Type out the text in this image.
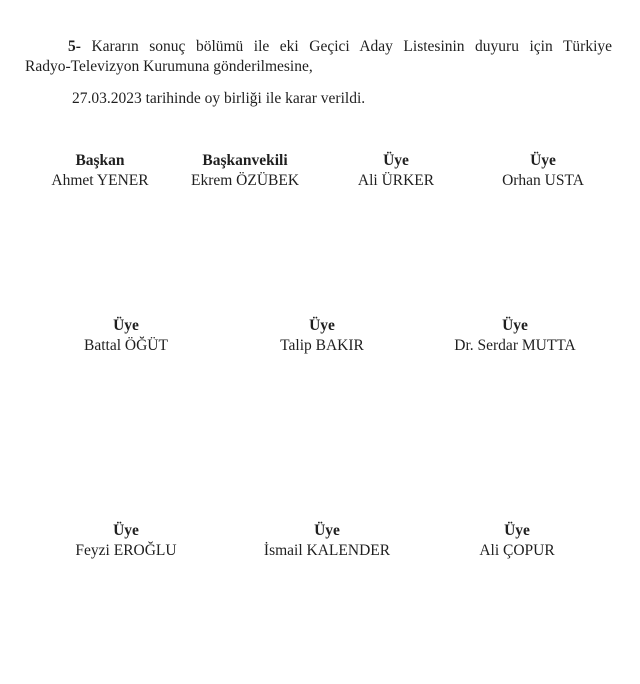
5- Kararın sonuç bölümü ile eki Geçici Aday Listesinin duyuru için Türkiye

Radyo-Televizyon Kurumuna gönderilmesine,

27.03.2023 tarihinde oy birliği ile karar verildi.

Başkan
Ahmet YENER
Başkanvekili
Ekrem ÖZÜBEK
Üye
Ali ÜRKER
Üye
Orhan USTA
Üye
Battal ÖĞÜT
Üye
Talip BAKIR
Üye
Dr. Serdar MUTTA
Üye
Feyzi EROĞLU
Üye
İsmail KALENDER
Üye
Ali ÇOPUR
